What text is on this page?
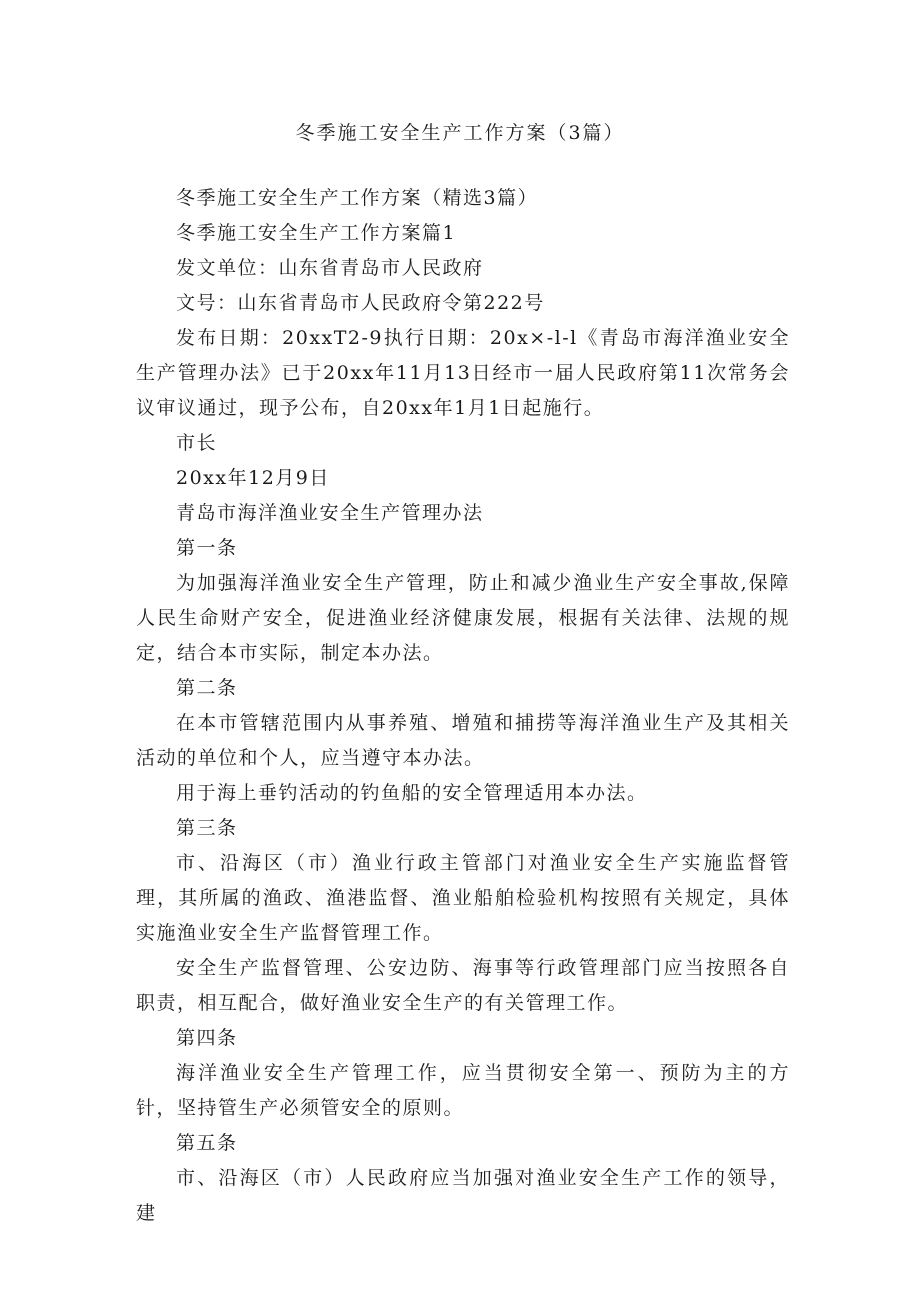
冬季施工安全生产工作方案（3篇）

冬季施工安全生产工作方案（精选3篇）

冬季施工安全生产工作方案篇1

发文单位：山东省青岛市人民政府

文号：山东省青岛市人民政府令第222号

发布日期：20xxT2-9执行日期：20x×-l-l《青岛市海洋渔业安全生产管理办法》已于20xx年11月13日经市一届人民政府第11次常务会议审议通过，现予公布，自20xx年1月1日起施行。

市长

20xx年12月9日

青岛市海洋渔业安全生产管理办法

第一条

为加强海洋渔业安全生产管理，防止和减少渔业生产安全事故,保障人民生命财产安全，促进渔业经济健康发展，根据有关法律、法规的规定，结合本市实际，制定本办法。

第二条

在本市管辖范围内从事养殖、增殖和捕捞等海洋渔业生产及其相关活动的单位和个人，应当遵守本办法。

用于海上垂钓活动的钓鱼船的安全管理适用本办法。

第三条

市、沿海区（市）渔业行政主管部门对渔业安全生产实施监督管理，其所属的渔政、渔港监督、渔业船舶检验机构按照有关规定，具体实施渔业安全生产监督管理工作。

安全生产监督管理、公安边防、海事等行政管理部门应当按照各自职责，相互配合，做好渔业安全生产的有关管理工作。

第四条

海洋渔业安全生产管理工作，应当贯彻安全第一、预防为主的方针，坚持管生产必须管安全的原则。

第五条

市、沿海区（市）人民政府应当加强对渔业安全生产工作的领导，建
